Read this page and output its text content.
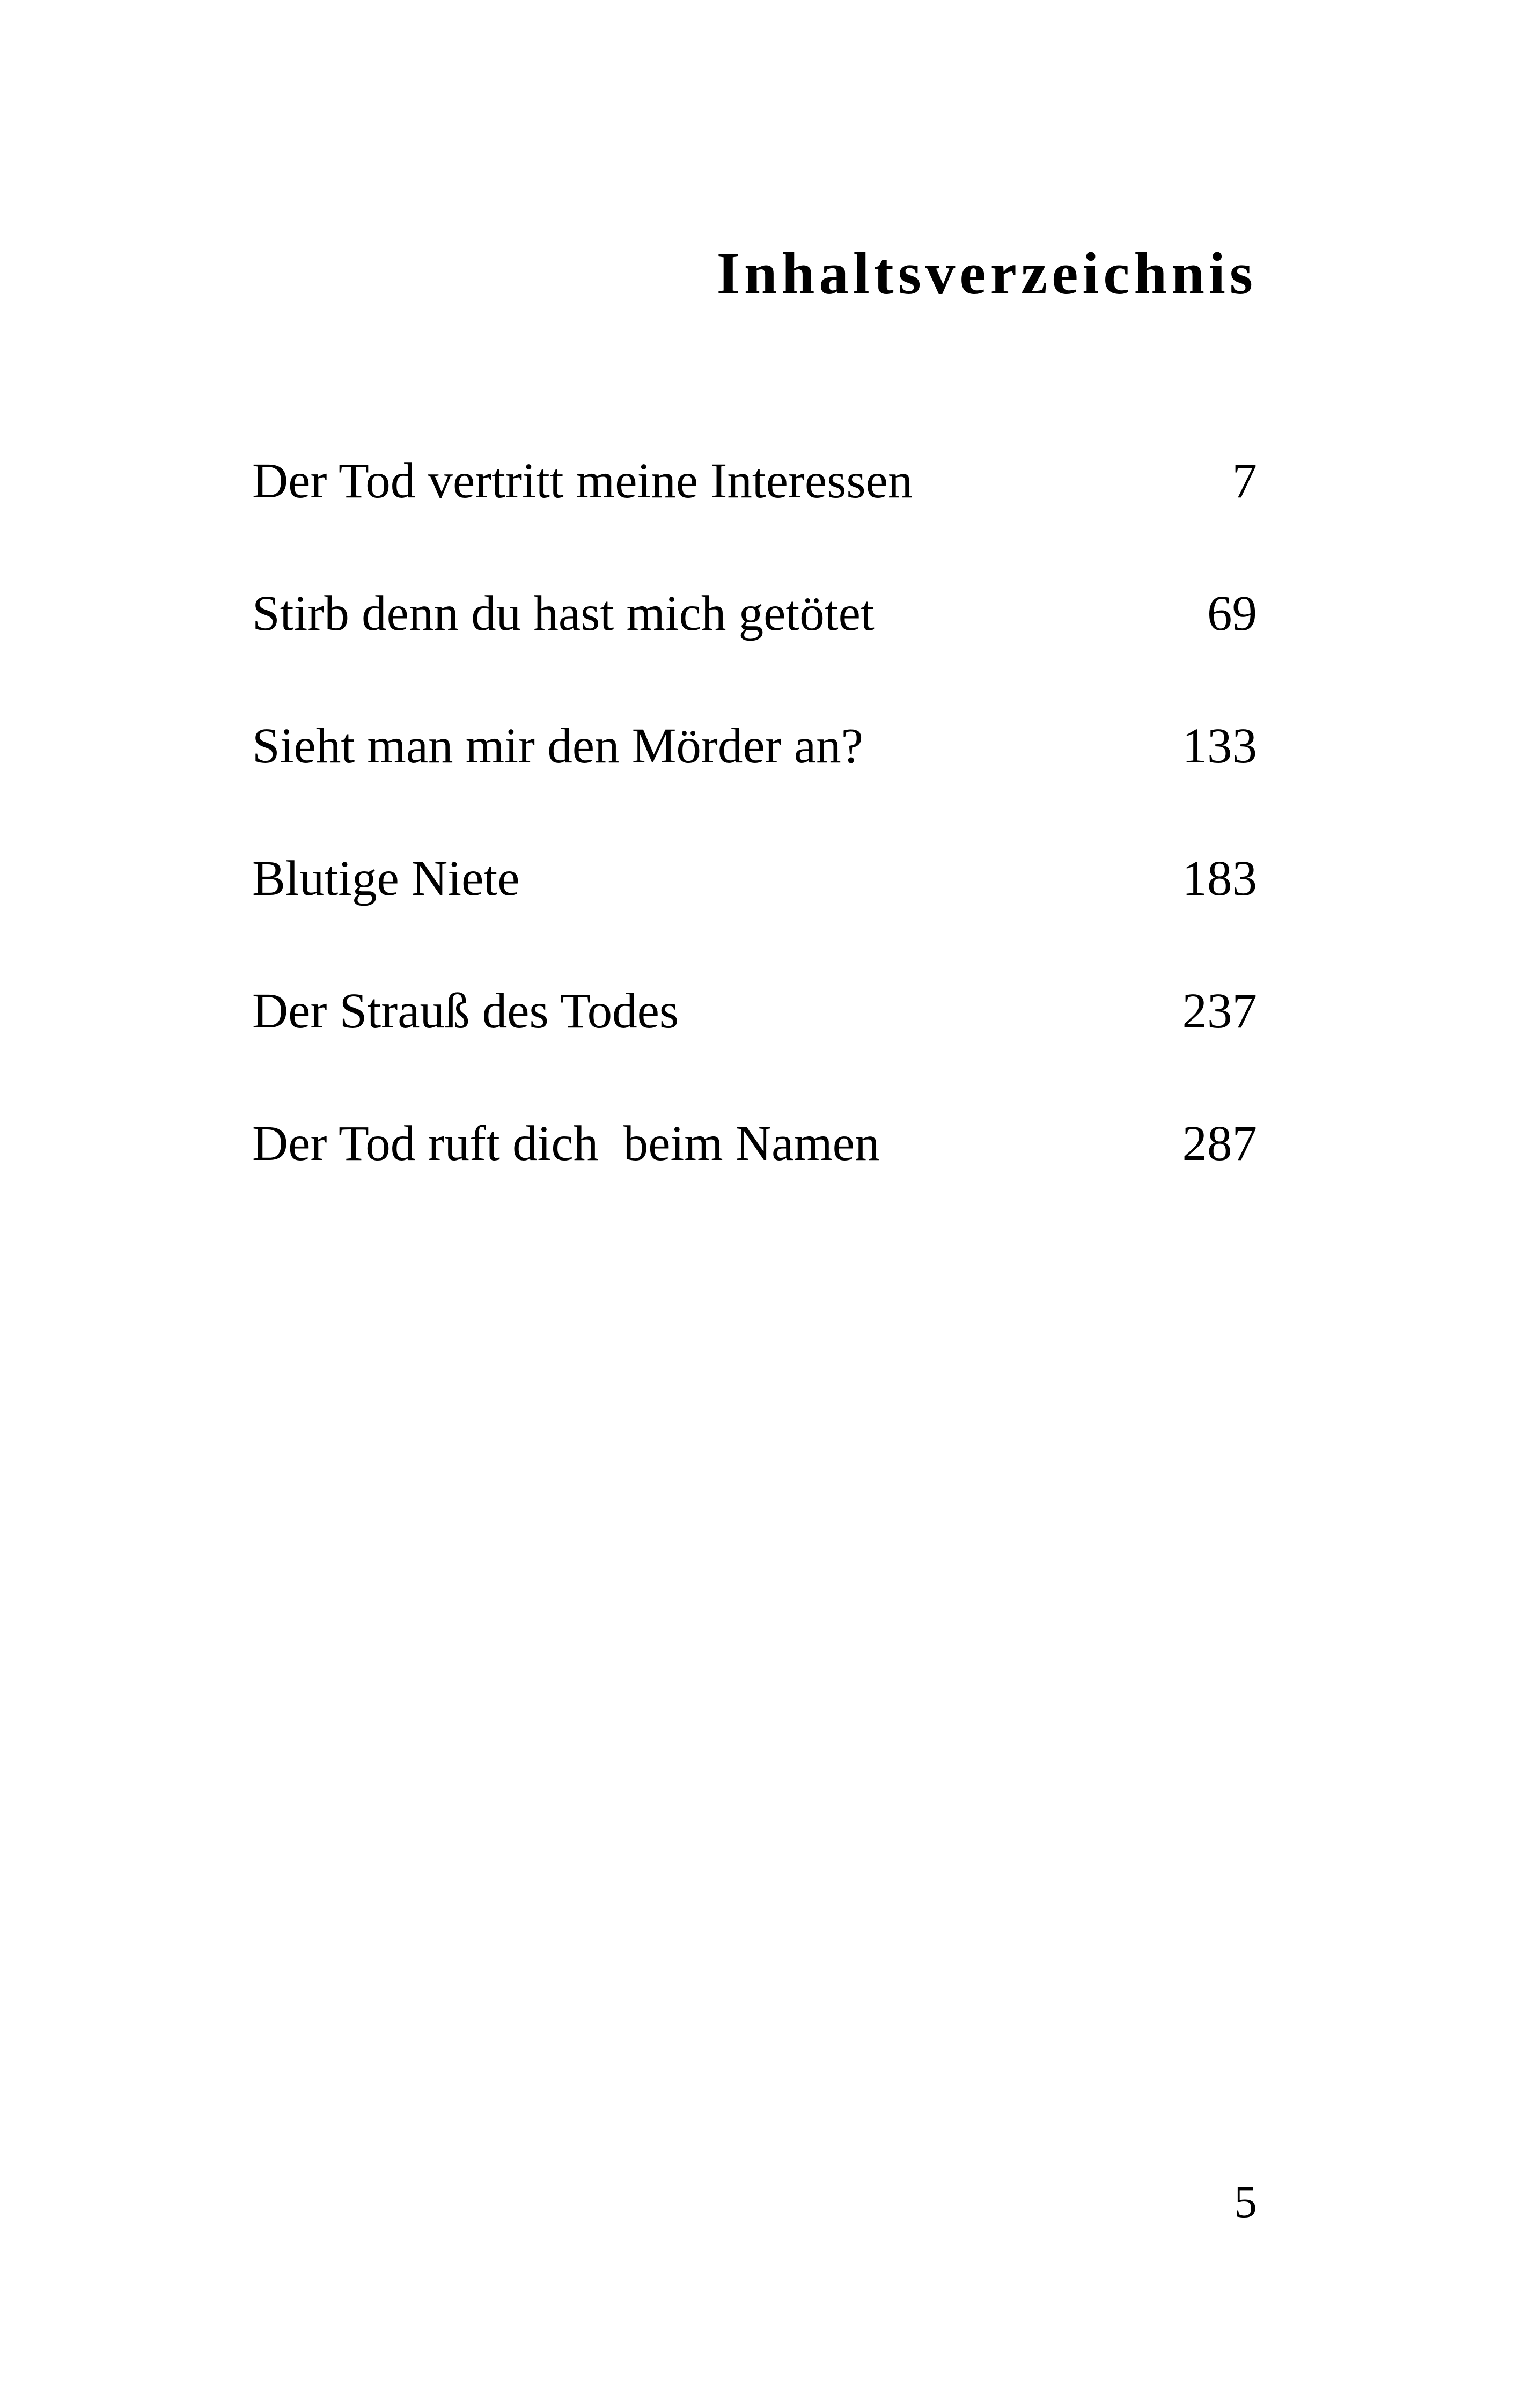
Inhaltsverzeichnis
Der Tod vertritt meine Interessen	7
Stirb denn du hast mich getötet	69
Sieht man mir den Mörder an?	133
Blutige Niete	183
Der Strauß des Todes	237
Der Tod ruft dich  beim Namen	287
5
